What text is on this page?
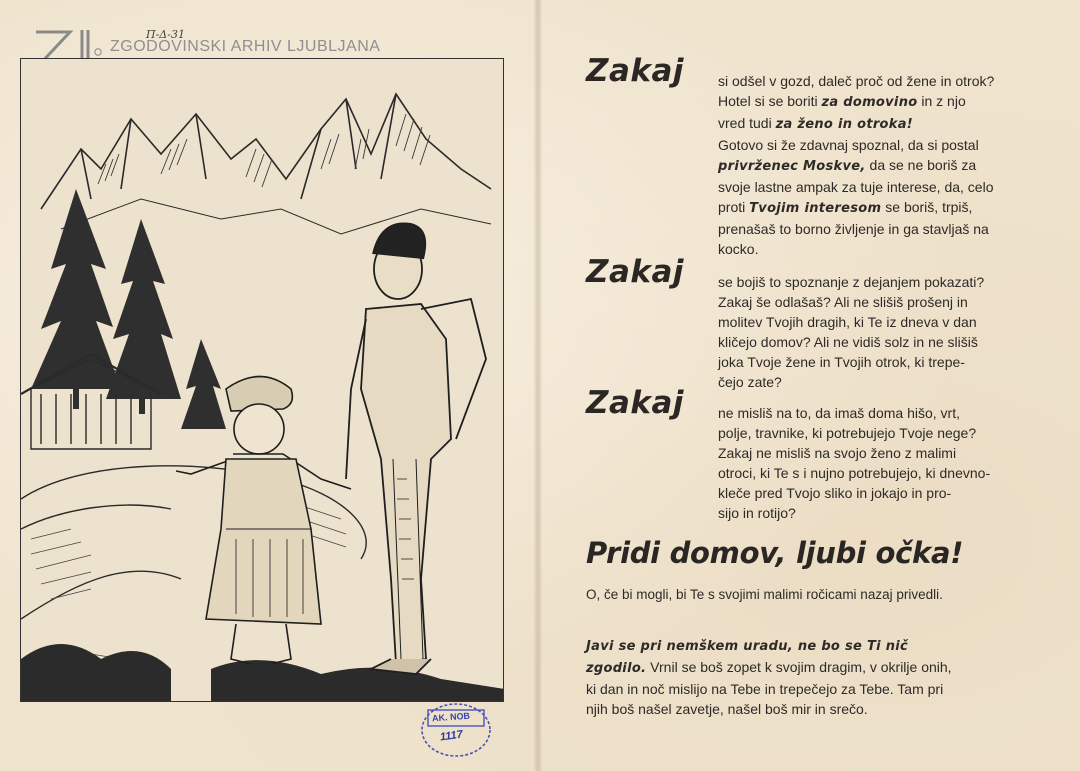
ZGODOVINSKI ARHIV LJUBLJANA
Π-Δ-31
AK. NOB
1117
Zakaj si odšel v gozd, daleč proč od žene in otrok?
Hotel si se boriti za domovino in z njo
vred tudi za ženo in otroka!
Gotovo si že zdavnaj spoznal, da si postal
privrženec Moskve, da se ne boriš za
svoje lastne ampak za tuje interese, da, celo
proti Tvojim interesom se boriš, trpiš,
prenašaš to borno življenje in ga stavljaš na
kocko.
Zakaj se bojiš to spoznanje z dejanjem pokazati?
Zakaj še odlašaš? Ali ne slišiš prošenj in
molitev Tvojih dragih, ki Te iz dneva v dan
kličejo domov? Ali ne vidiš solz in ne slišiš
joka Tvoje žene in Tvojih otrok, ki trepe-
čejo zate?
Zakaj ne misliš na to, da imaš doma hišo, vrt,
polje, travnike, ki potrebujejo Tvoje nege?
Zakaj ne misliš na svojo ženo z malimi
otroci, ki Te s i nujno potrebujejo, ki dnevno-
kleče pred Tvojo sliko in jokajo in pro-
sijo in rotijo?
Pridi domov, ljubi očka!
O, če bi mogli, bi Te s svojimi malimi ročicami nazaj privedli.
Javi se pri nemškem uradu, ne bo se Ti nič
zgodilo. Vrnil se boš zopet k svojim dragim, v okrilje onih,
ki dan in noč mislijo na Tebe in trepečejo za Tebe. Tam pri
njih boš našel zavetje, našel boš mir in srečo.
